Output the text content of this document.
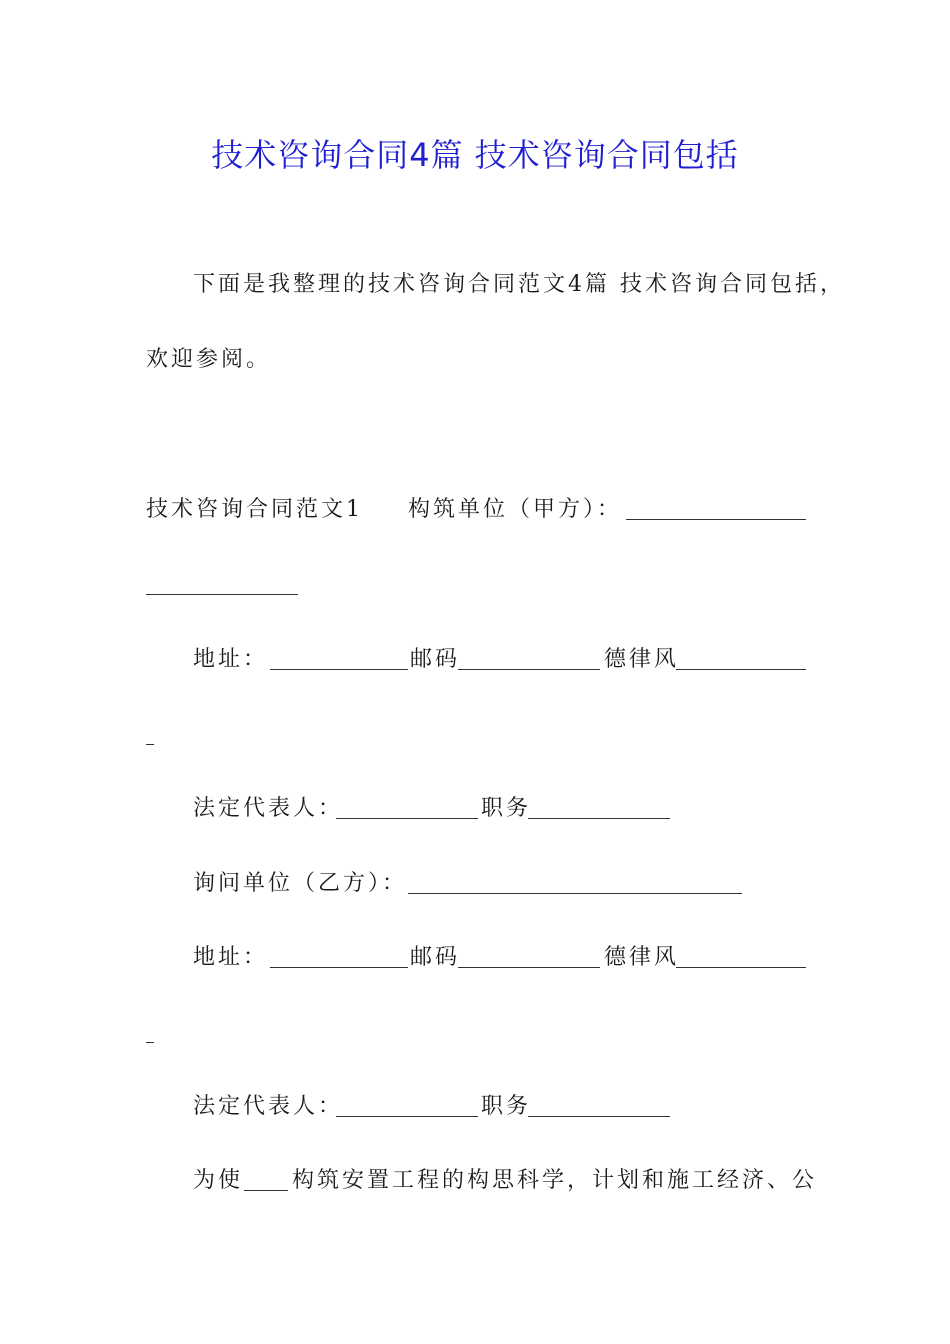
技术咨询合同4篇 技术咨询合同包括
下面是我整理的技术咨询合同范文4篇 技术咨询合同包括，
欢迎参阅。
技术咨询合同范文1 构筑单位（甲方）：
地址：	邮码	德律风
法定代表人：	职务
询问单位（乙方）：
地址：	邮码	德律风
法定代表人：	职务
为使 构筑安置工程的构思科学，计划和施工经济、公
